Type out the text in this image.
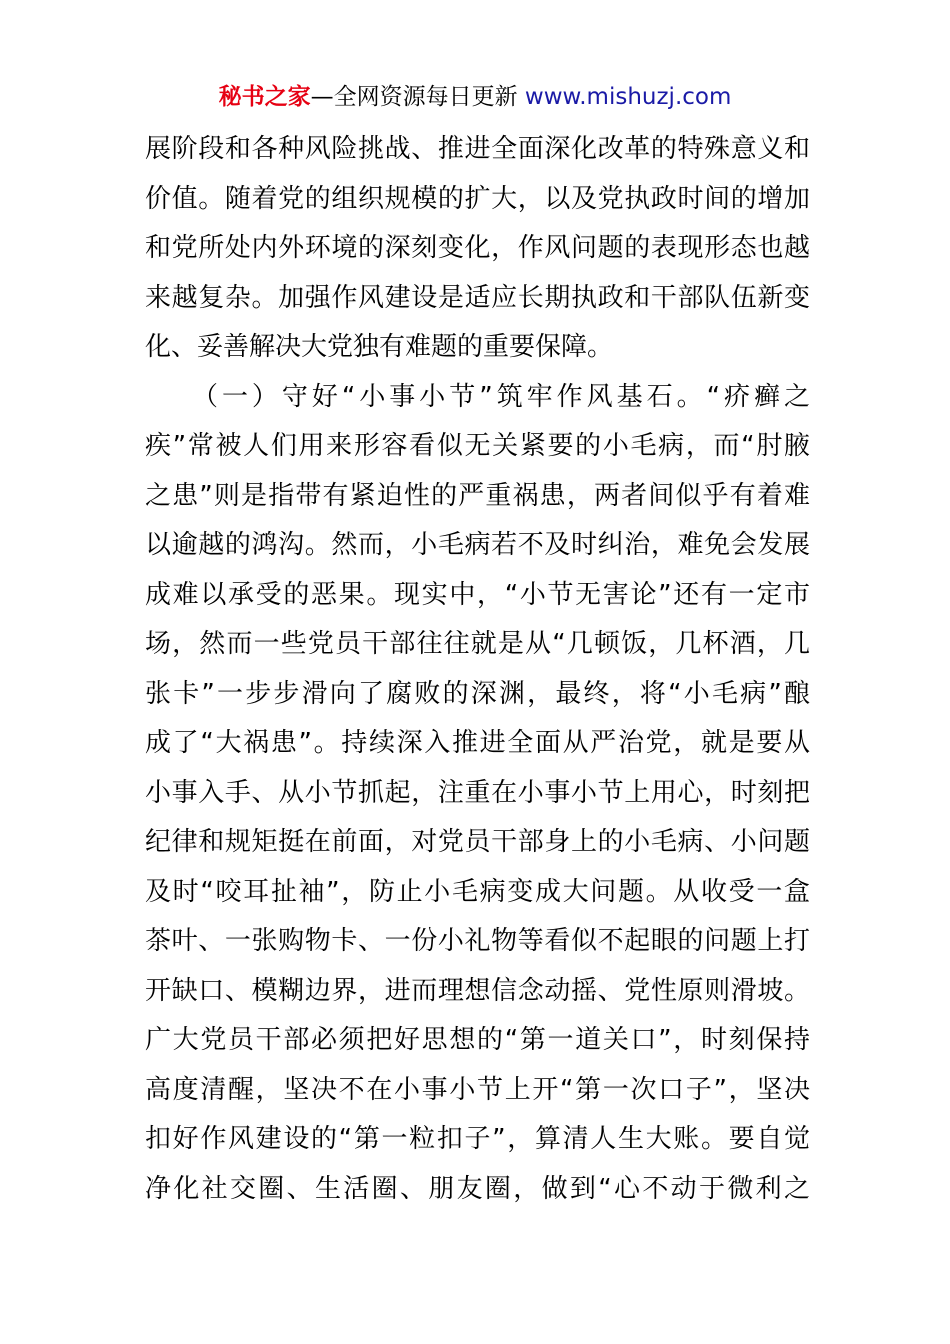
秘书之家—全网资源每日更新 www.mishuzj.com
展阶段和各种风险挑战、推进全面深化改革的特殊意义和
价值。随着党的组织规模的扩大，以及党执政时间的增加
和党所处内外环境的深刻变化，作风问题的表现形态也越
来越复杂。加强作风建设是适应长期执政和干部队伍新变
化、妥善解决大党独有难题的重要保障。
　　（一）守好“小事小节”筑牢作风基石。“疥癣之
疾”常被人们用来形容看似无关紧要的小毛病，而“肘腋
之患”则是指带有紧迫性的严重祸患，两者间似乎有着难
以逾越的鸿沟。然而，小毛病若不及时纠治，难免会发展
成难以承受的恶果。现实中，“小节无害论”还有一定市
场，然而一些党员干部往往就是从“几顿饭，几杯酒，几
张卡”一步步滑向了腐败的深渊，最终，将“小毛病”酿
成了“大祸患”。持续深入推进全面从严治党，就是要从
小事入手、从小节抓起，注重在小事小节上用心，时刻把
纪律和规矩挺在前面，对党员干部身上的小毛病、小问题
及时“咬耳扯袖”，防止小毛病变成大问题。从收受一盒
茶叶、一张购物卡、一份小礼物等看似不起眼的问题上打
开缺口、模糊边界，进而理想信念动摇、党性原则滑坡。
广大党员干部必须把好思想的“第一道关口”，时刻保持
高度清醒，坚决不在小事小节上开“第一次口子”，坚决
扣好作风建设的“第一粒扣子”，算清人生大账。要自觉
净化社交圈、生活圈、朋友圈，做到“心不动于微利之
